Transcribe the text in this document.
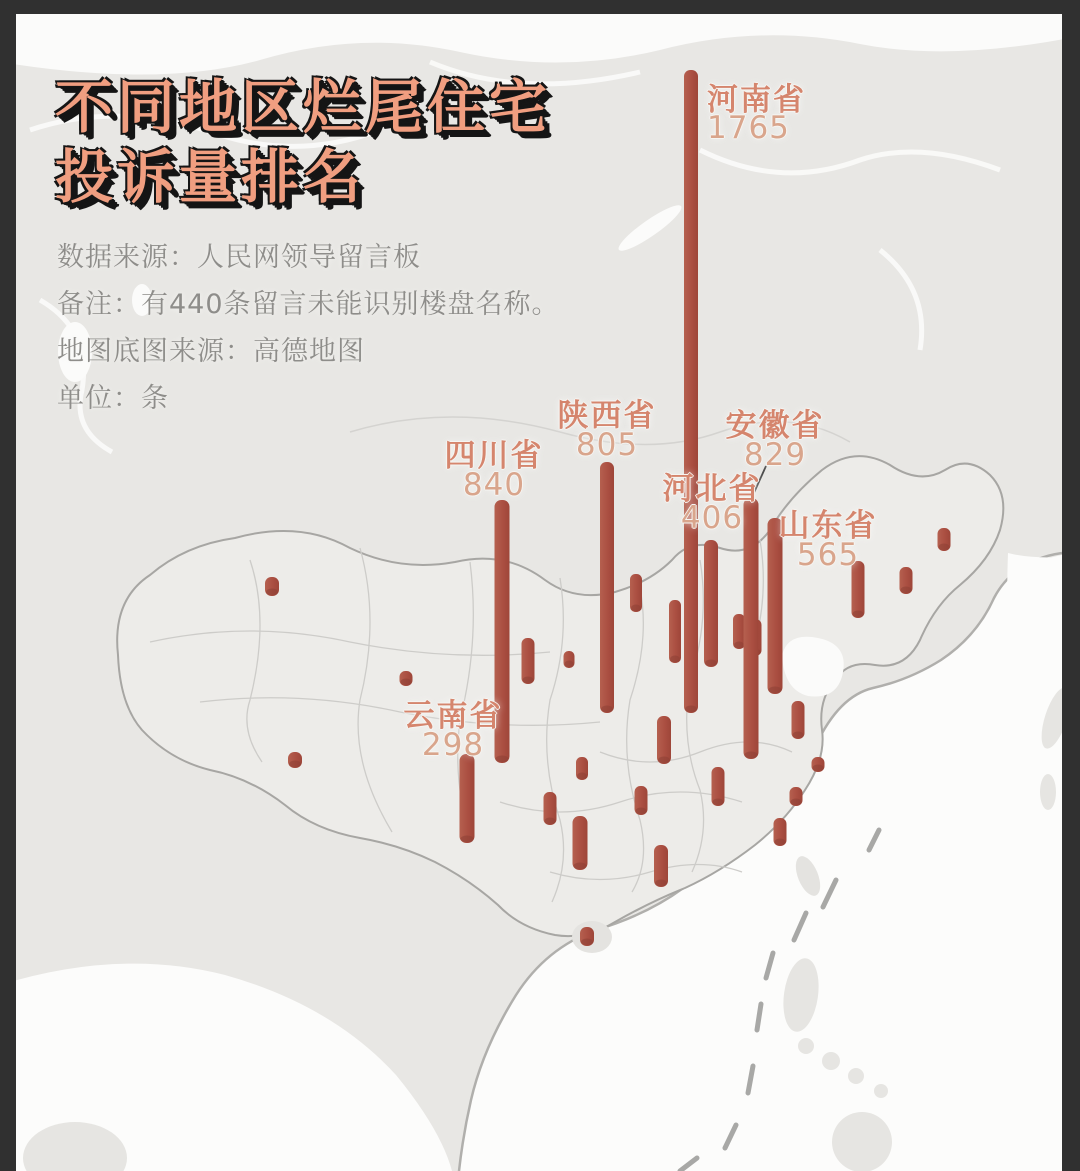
河南省
1765
四川省
840
安徽省
829
陕西省
805
山东省
565
河北省
406
云南省
298
不同地区烂尾住宅
投诉量排名
数据来源：人民网领导留言板
备注：有440条留言未能识别楼盘名称。
地图底图来源：高德地图
单位：条
